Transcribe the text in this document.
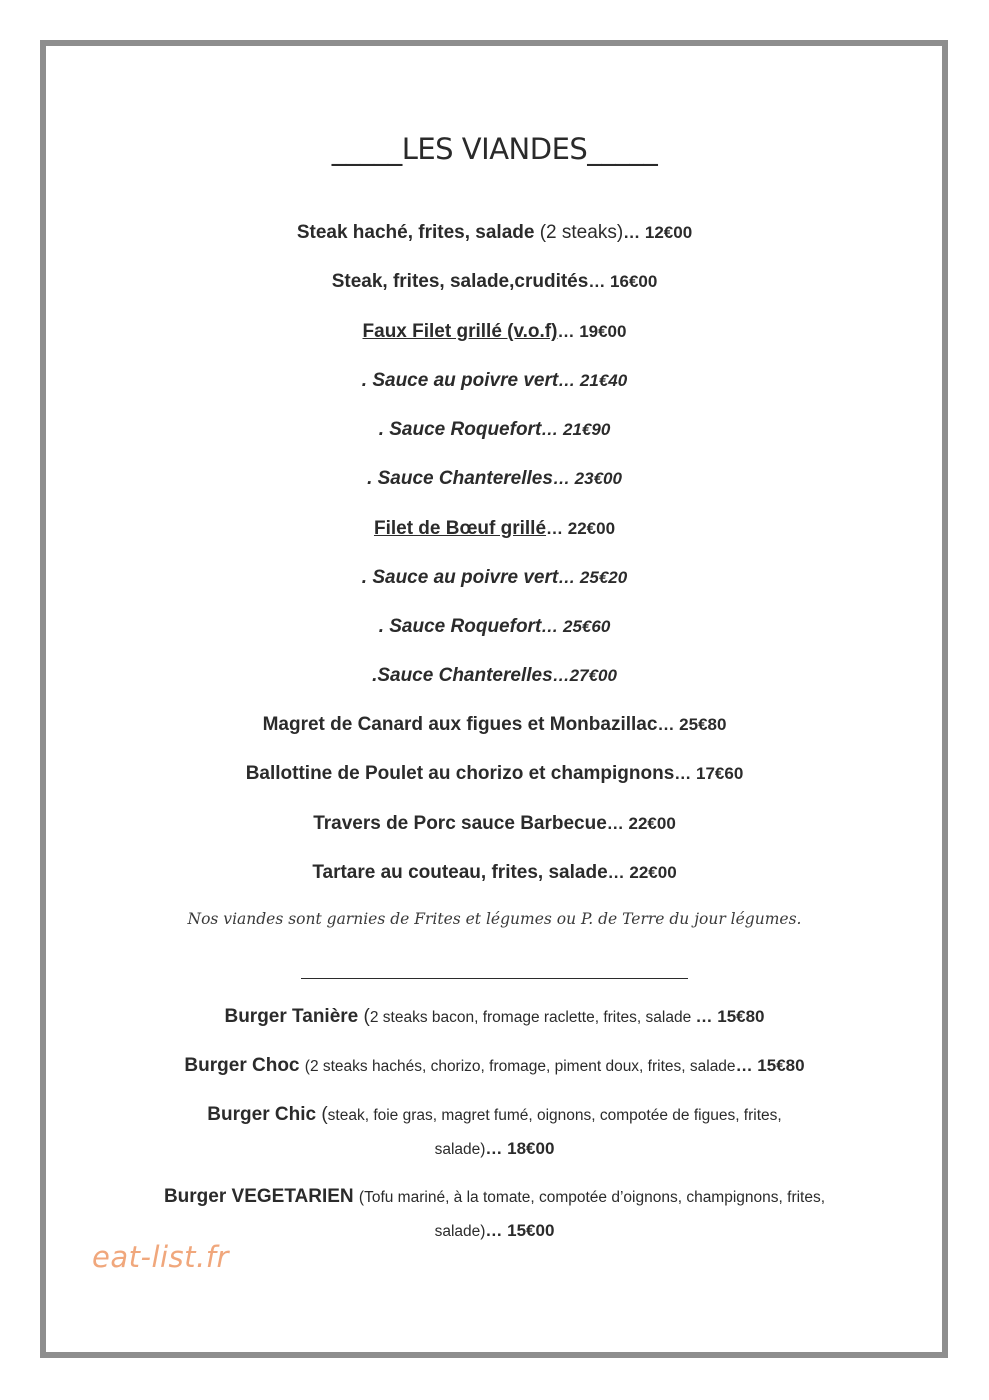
_____LES VIANDES_____
Steak haché, frites, salade (2 steaks)… 12€00
Steak, frites, salade,crudités… 16€00
Faux Filet grillé (v.o.f)… 19€00
. Sauce au poivre vert… 21€40
. Sauce Roquefort… 21€90
. Sauce Chanterelles… 23€00
Filet de Bœuf grillé… 22€00
. Sauce au poivre vert… 25€20
. Sauce Roquefort… 25€60
.Sauce Chanterelles…27€00
Magret de Canard aux figues et Monbazillac… 25€80
Ballottine de Poulet au chorizo et champignons… 17€60
Travers de Porc sauce Barbecue… 22€00
Tartare au couteau, frites, salade… 22€00
Nos viandes sont garnies de Frites et légumes ou P. de Terre du jour légumes.
Burger Tanière (2 steaks bacon, fromage raclette, frites, salade … 15€80
Burger Choc (2 steaks hachés, chorizo, fromage, piment doux, frites, salade… 15€80
Burger Chic (steak, foie gras, magret fumé, oignons, compotée de figues, frites,
salade)… 18€00
Burger VEGETARIEN (Tofu mariné, à la tomate, compotée d’oignons, champignons, frites,
salade)… 15€00
eat-list.fr
